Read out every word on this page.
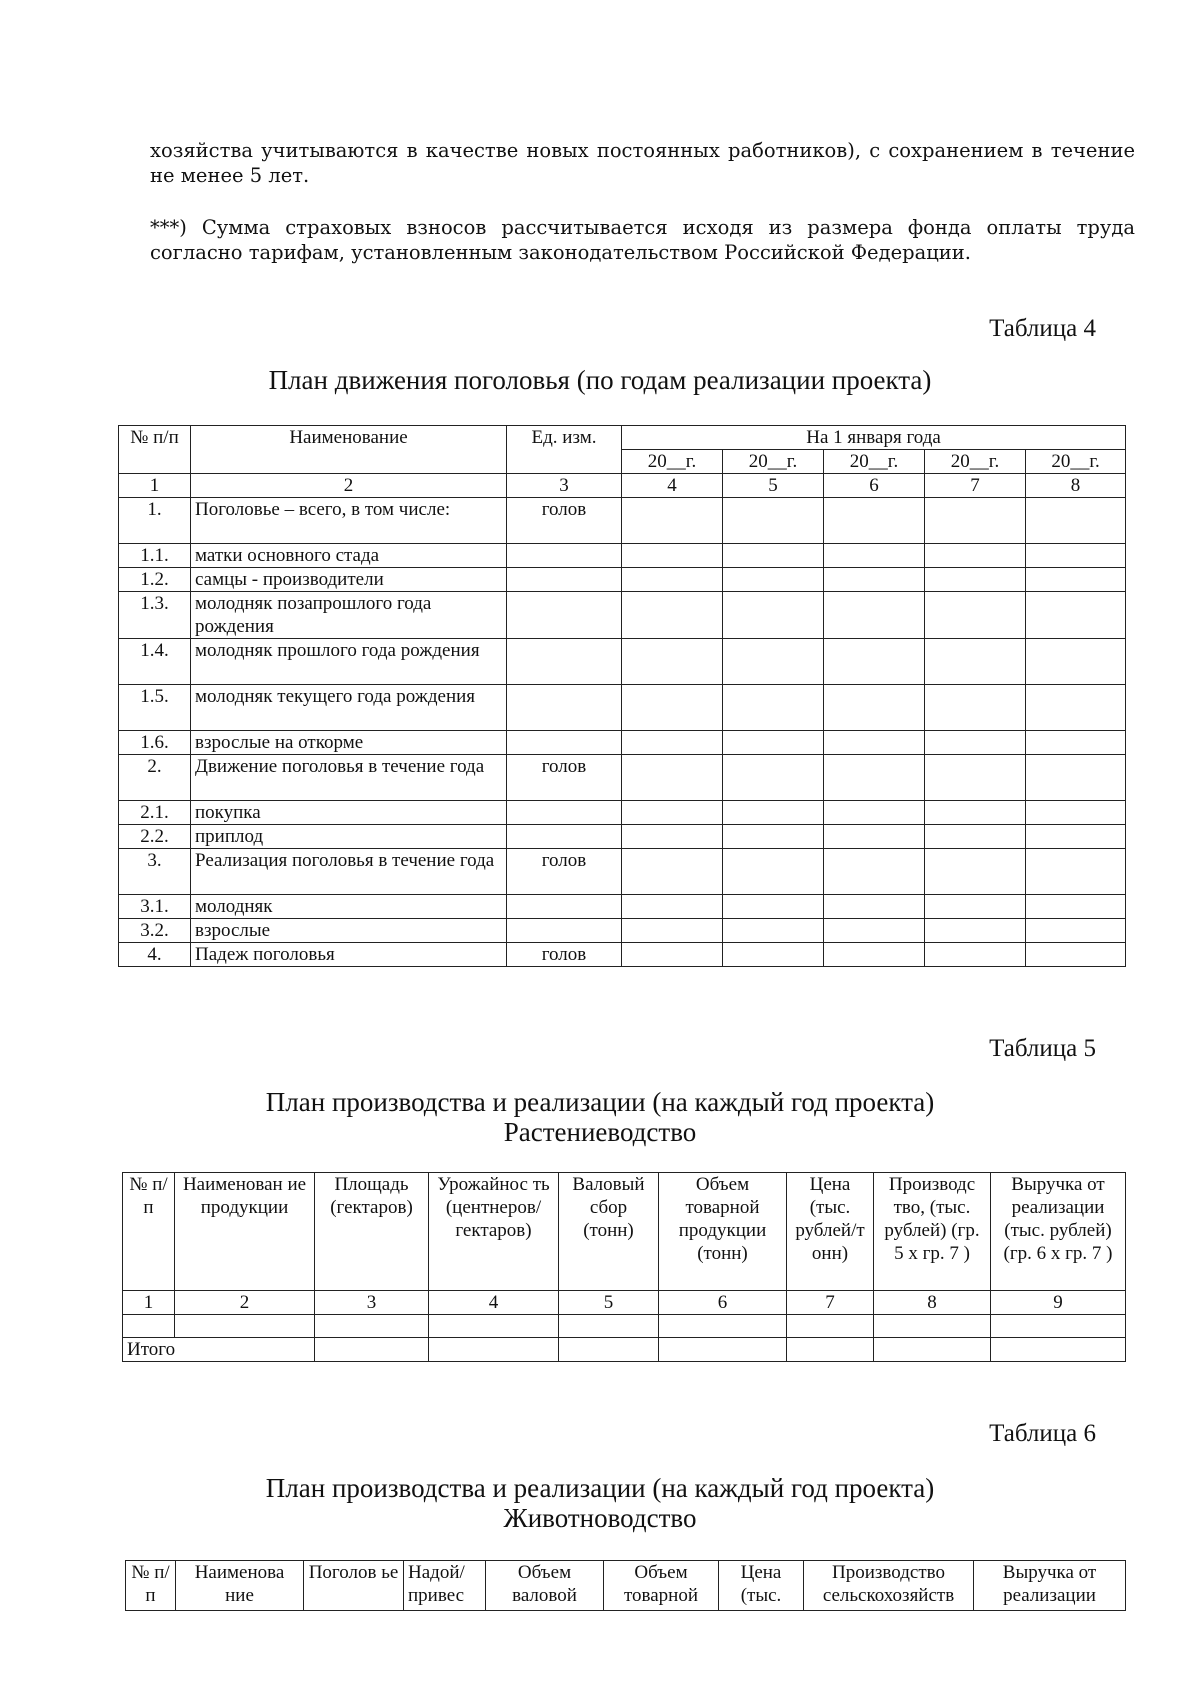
хозяйства учитываются в качестве новых постоянных работников), с сохранением в течение не менее 5 лет.
***) Сумма страховых взносов рассчитывается исходя из размера фонда оплаты труда согласно тарифам, установленным законодательством Российской Федерации.
Таблица 4
План движения поголовья (по годам реализации проекта)
№ п/п	Наименование	Ед. изм.	На 1 января года				
			20__г.	20__г.	20__г.	20__г.	20__г.
1	2	3	4	5	6	7	8
1.	Поголовье – всего, в том числе:	голов					
1.1.	матки основного стада						
1.2.	самцы - производители						
1.3.	молодняк позапрошлого года рождения						
1.4.	молодняк прошлого года рождения						
1.5.	молодняк текущего года рождения						
1.6.	взрослые на откорме						
2.	Движение поголовья в течение года	голов					
2.1.	покупка						
2.2.	приплод						
3.	Реализация поголовья в течение года	голов					
3.1.	молодняк						
3.2.	взрослые						
4.	Падеж поголовья	голов					
Таблица 5
План производства и реализации (на каждый год проекта)
Растениеводство
№ п/п	Наименован ие продукции	Площадь (гектаров)	Урожайнос ть (центнеров/ гектаров)	Валовый сбор (тонн)	Объем товарной продукции (тонн)	Цена (тыс. рублей/т онн)	Производс тво, (тыс. рублей) (гр. 5 х гр. 7 )	Выручка от реализации (тыс. рублей) (гр. 6 х гр. 7 )
1	2	3	4	5	6	7	8	9

Итого								
Таблица 6
План производства и реализации (на каждый год проекта)
Животноводство
№ п/п	Наименова ние	Поголов ье	Надой/ привес	Объем валовой	Объем товарной	Цена (тыс.	Производство сельскохозяйств	Выручка от реализации
